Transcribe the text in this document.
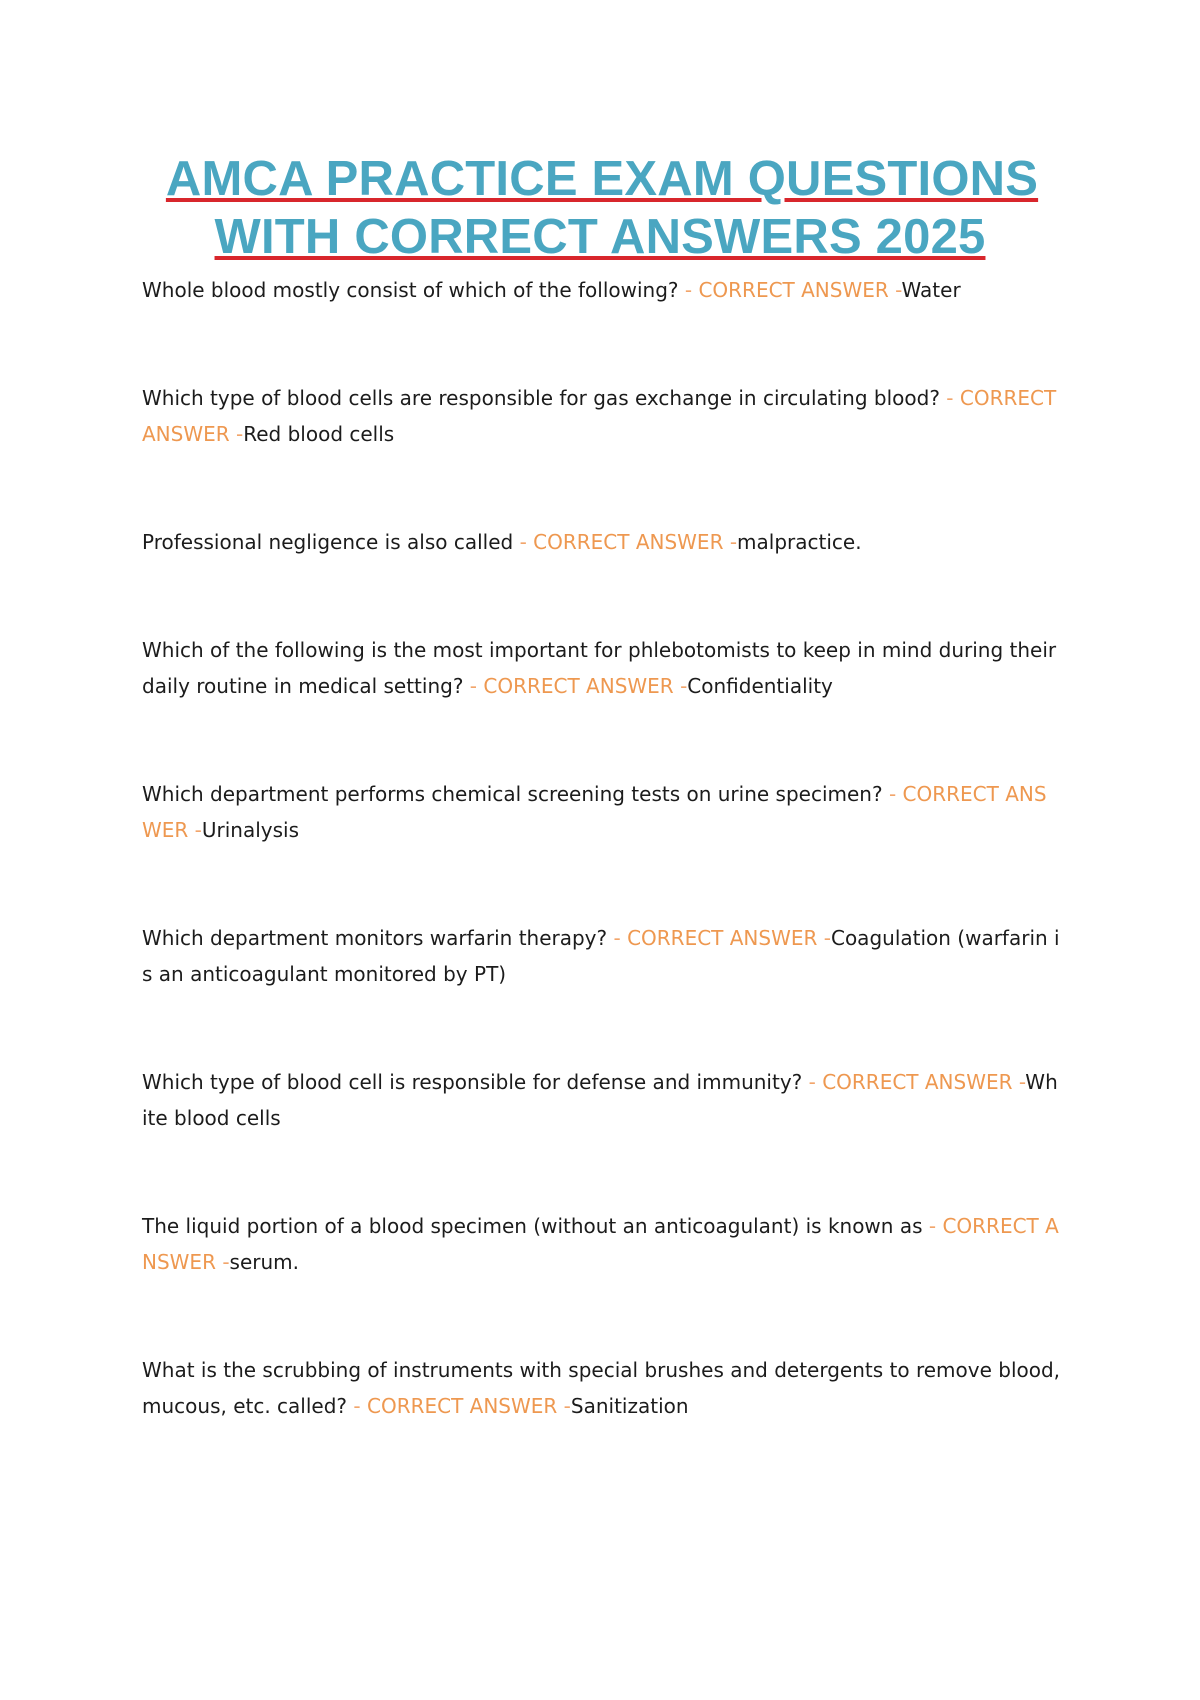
AMCA PRACTICE EXAM QUESTIONS
WITH CORRECT ANSWERS 2025

Whole blood mostly consist of which of the following? - CORRECT ANSWER -Water

Which type of blood cells are responsible for gas exchange in circulating blood? - CORRECT ANSWER -Red blood cells

Professional negligence is also called - CORRECT ANSWER -malpractice.

Which of the following is the most important for phlebotomists to keep in mind during their daily routine in medical setting? - CORRECT ANSWER -Confidentiality

Which department performs chemical screening tests on urine specimen? - CORRECT ANSWER -Urinalysis

Which department monitors warfarin therapy? - CORRECT ANSWER -Coagulation (warfarin is an anticoagulant monitored by PT)

Which type of blood cell is responsible for defense and immunity? - CORRECT ANSWER -White blood cells

The liquid portion of a blood specimen (without an anticoagulant) is known as - CORRECT ANSWER -serum.

What is the scrubbing of instruments with special brushes and detergents to remove blood, mucous, etc. called? - CORRECT ANSWER -Sanitization
